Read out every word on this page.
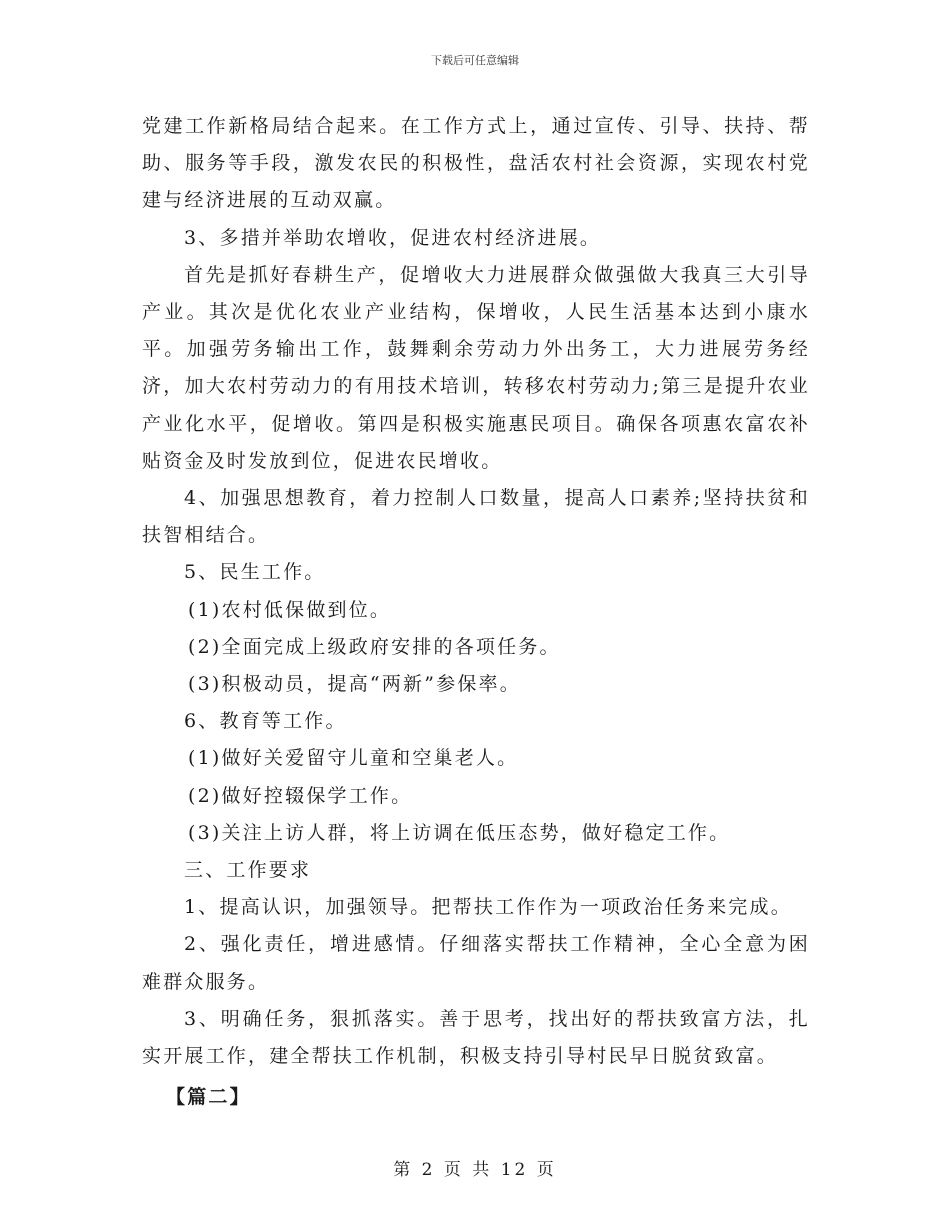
下载后可任意编辑

党建工作新格局结合起来。在工作方式上，通过宣传、引导、扶持、帮助、服务等手段，激发农民的积极性，盘活农村社会资源，实现农村党建与经济进展的互动双赢。

3、多措并举助农增收，促进农村经济进展。

首先是抓好春耕生产，促增收大力进展群众做强做大我真三大引导产业。其次是优化农业产业结构，保增收，人民生活基本达到小康水平。加强劳务输出工作，鼓舞剩余劳动力外出务工，大力进展劳务经济，加大农村劳动力的有用技术培训，转移农村劳动力;第三是提升农业产业化水平，促增收。第四是积极实施惠民项目。确保各项惠农富农补贴资金及时发放到位，促进农民增收。

4、加强思想教育，着力控制人口数量，提高人口素养;坚持扶贫和扶智相结合。

5、民生工作。

(1)农村低保做到位。

(2)全面完成上级政府安排的各项任务。

(3)积极动员，提高“两新”参保率。

6、教育等工作。

(1)做好关爱留守儿童和空巢老人。

(2)做好控辍保学工作。

(3)关注上访人群，将上访调在低压态势，做好稳定工作。

三、工作要求

1、提高认识，加强领导。把帮扶工作作为一项政治任务来完成。

2、强化责任，增进感情。仔细落实帮扶工作精神，全心全意为困难群众服务。

3、明确任务，狠抓落实。善于思考，找出好的帮扶致富方法，扎实开展工作，建全帮扶工作机制，积极支持引导村民早日脱贫致富。

【篇二】

第 2 页 共 12 页
